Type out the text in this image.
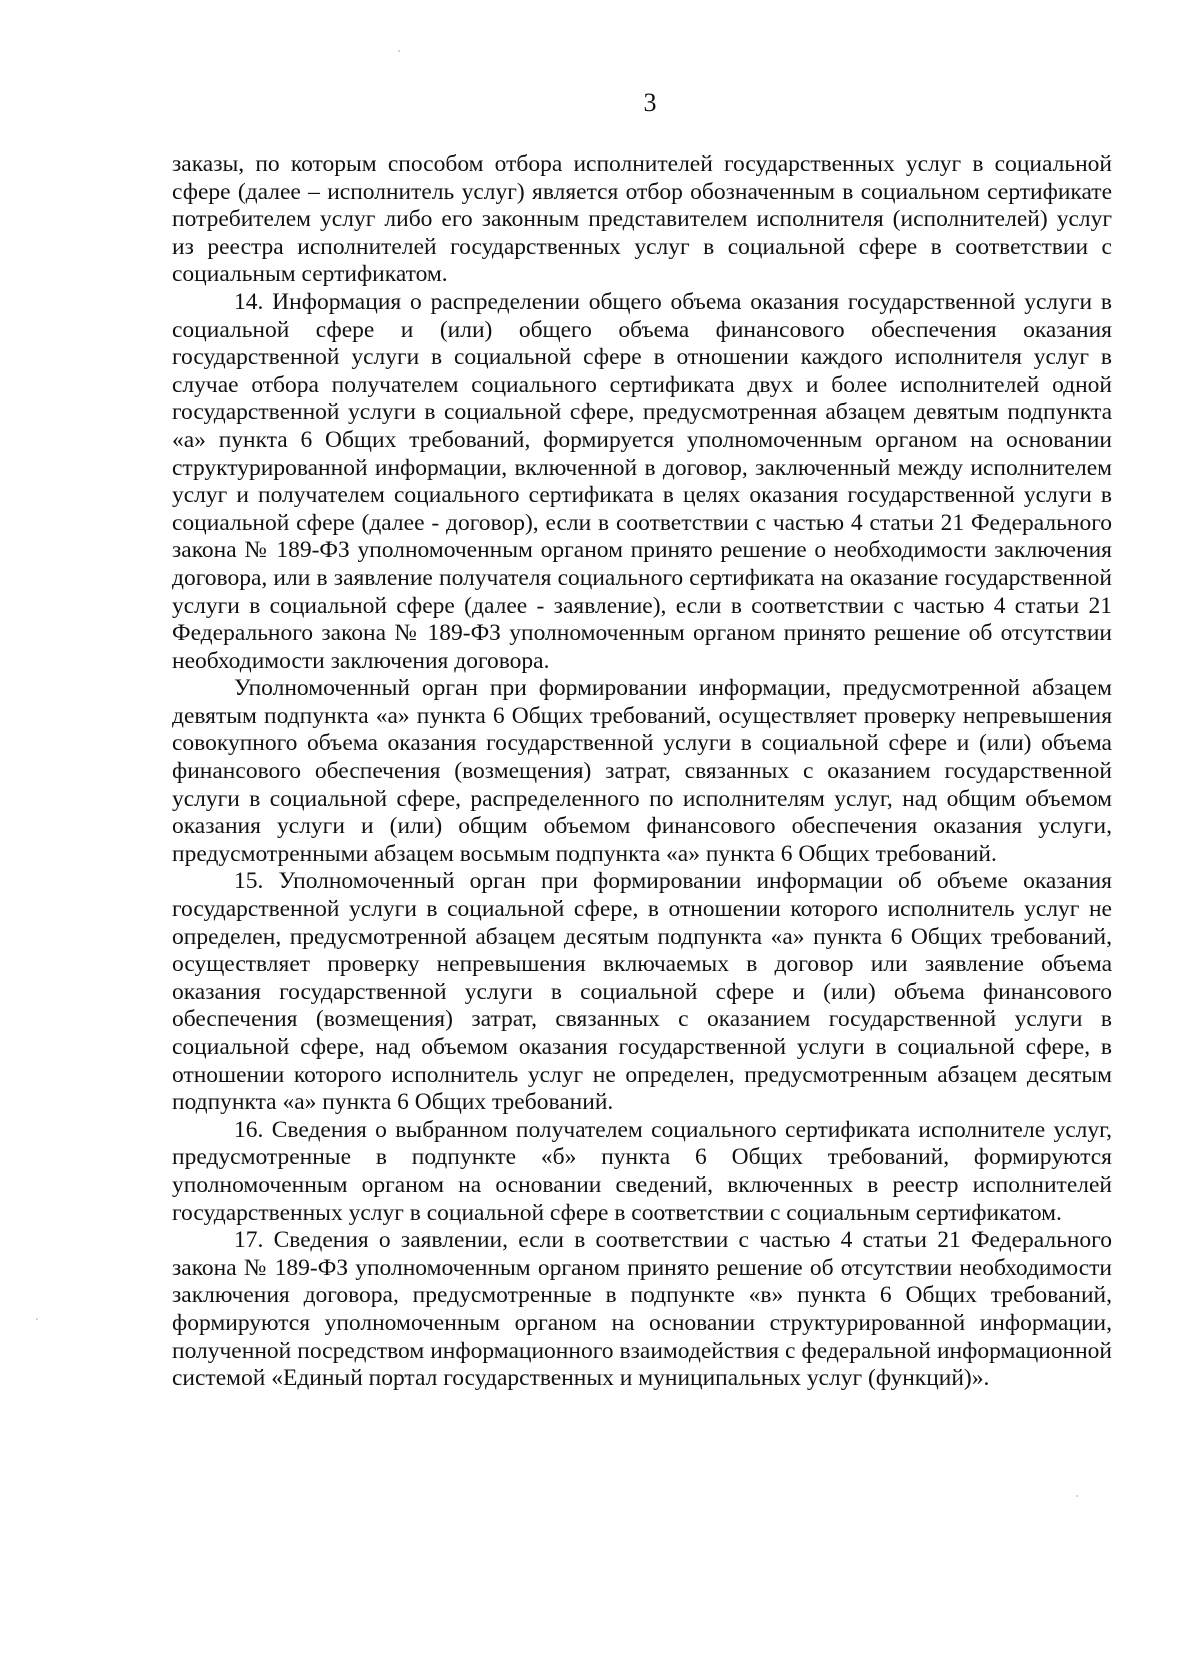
3

заказы, по которым способом отбора исполнителей государственных услуг в социальной сфере (далее – исполнитель услуг) является отбор обозначенным в социальном сертификате потребителем услуг либо его законным представителем исполнителя (исполнителей) услуг из реестра исполнителей государственных услуг в социальной сфере в соответствии с социальным сертификатом.

14. Информация о распределении общего объема оказания государственной услуги в социальной сфере и (или) общего объема финансового обеспечения оказания государственной услуги в социальной сфере в отношении каждого исполнителя услуг в случае отбора получателем социального сертификата двух и более исполнителей одной государственной услуги в социальной сфере, предусмотренная абзацем девятым подпункта «а» пункта 6 Общих требований, формируется уполномоченным органом на основании структурированной информации, включенной в договор, заключенный между исполнителем услуг и получателем социального сертификата в целях оказания государственной услуги в социальной сфере (далее - договор), если в соответствии с частью 4 статьи 21 Федерального закона № 189-ФЗ уполномоченным органом принято решение о необходимости заключения договора, или в заявление получателя социального сертификата на оказание государственной услуги в социальной сфере (далее - заявление), если в соответствии с частью 4 статьи 21 Федерального закона № 189-ФЗ уполномоченным органом принято решение об отсутствии необходимости заключения договора.

Уполномоченный орган при формировании информации, предусмотренной абзацем девятым подпункта «а» пункта 6 Общих требований, осуществляет проверку непревышения совокупного объема оказания государственной услуги в социальной сфере и (или) объема финансового обеспечения (возмещения) затрат, связанных с оказанием государственной услуги в социальной сфере, распределенного по исполнителям услуг, над общим объемом оказания услуги и (или) общим объемом финансового обеспечения оказания услуги, предусмотренными абзацем восьмым подпункта «а» пункта 6 Общих требований.

15. Уполномоченный орган при формировании информации об объеме оказания государственной услуги в социальной сфере, в отношении которого исполнитель услуг не определен, предусмотренной абзацем десятым подпункта «а» пункта 6 Общих требований, осуществляет проверку непревышения включаемых в договор или заявление объема оказания государственной услуги в социальной сфере и (или) объема финансового обеспечения (возмещения) затрат, связанных с оказанием государственной услуги в социальной сфере, над объемом оказания государственной услуги в социальной сфере, в отношении которого исполнитель услуг не определен, предусмотренным абзацем десятым подпункта «а» пункта 6 Общих требований.

16. Сведения о выбранном получателем социального сертификата исполнителе услуг, предусмотренные в подпункте «б» пункта 6 Общих требований, формируются уполномоченным органом на основании сведений, включенных в реестр исполнителей государственных услуг в социальной сфере в соответствии с социальным сертификатом.

17. Сведения о заявлении, если в соответствии с частью 4 статьи 21 Федерального закона № 189-ФЗ уполномоченным органом принято решение об отсутствии необходимости заключения договора, предусмотренные в подпункте «в» пункта 6 Общих требований, формируются уполномоченным органом на основании структурированной информации, полученной посредством информационного взаимодействия с федеральной информационной системой «Единый портал государственных и муниципальных услуг (функций)».
